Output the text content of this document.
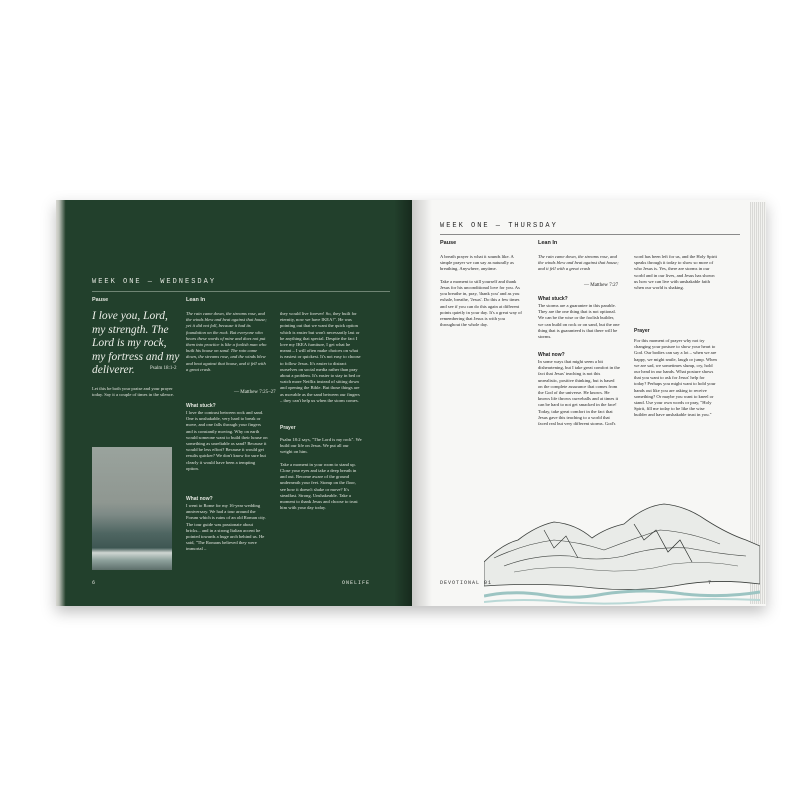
WEEK ONE — WEDNESDAY
Pause	Lean In
I love you, Lord, my strength. The Lord is my rock, my fortress and my deliverer.	Psalm 18:1-2
Let this be both your praise and your prayer today. Say it a couple of times in the silence.
The rain came down, the streams rose, and the winds blew and beat against that house; yet it did not fall, because it had its foundation on the rock. But everyone who hears these words of mine and does not put them into practice is like a foolish man who built his house on sand. The rain came down, the streams rose, and the winds blew and beat against that house, and it fell with a great crash.
— Matthew 7:25–27
What stuck?
I love the contrast between rock and sand. One is unshakable, very hard to break or move, and one falls through your fingers and is constantly moving. Why on earth would someone want to build their house on something as unreliable as sand? Because it would be less effort? Because it would get results quicker? We don't know for sure but clearly it would have been a tempting option.
What now?
I went to Rome for my 16-year wedding anniversary. We had a tour around the Forum which is ruins of an old Roman city. The tour guide was passionate about bricks... and in a strong Italian accent he pointed towards a huge arch behind us. He said, "The Romans believed they were immortal –
they would live forever! So, they built for eternity, now we have IKEA!". He was pointing out that we want the quick option which is easier but won't necessarily last or be anything that special. Despite the fact I love my IKEA furniture, I get what he meant – I will often make choices on what is easiest or quickest. It's not easy to choose to follow Jesus. It's easier to distract ourselves on social media rather than pray about a problem. It's easier to stay in bed or watch more Netflix instead of sitting down and opening the Bible. But those things are as movable as the sand between our fingers – they can't help us when the storm comes.
Prayer
Psalm 18:2 says, "The Lord is my rock". We build our life on Jesus. We put all our weight on him.

Take a moment in your room to stand up. Close your eyes and take a deep breath in and out. Become aware of the ground underneath your feet. Stomp on the floor, see how it doesn't shake or move? It's steadfast. Strong. Unshakeable. Take a moment to thank Jesus and choose to trust him with your day today.
6	ONELIFE
WEEK ONE — THURSDAY
Pause	Lean In
A breath prayer is what it sounds like. A simple prayer we can say as naturally as breathing. Anywhere, anytime.

Take a moment to still yourself and thank Jesus for his unconditional love for you. As you breathe in, pray, 'thank you' and as you exhale, breathe, 'Jesus'. Do this a few times and see if you can do this again at different points quietly in your day. It's a great way of remembering that Jesus is with you throughout the whole day.
The rain came down, the streams rose, and the winds blew and beat against that house; and it fell with a great crash
— Matthew 7:27
What stuck?
The storms are a guarantee in this parable. They are the one thing that is not optional. We can be the wise or the foolish builder, we can build on rock or on sand, but the one thing that is guaranteed is that there will be storms.
What now?
In some ways that might seem a bit disheartening, but I take great comfort in the fact that Jesus' teaching is not this unrealistic, positive thinking, but is based on the complete assurance that comes from the God of the universe. He knows. He knows life throws curveballs and at times it can be hard to not get smacked in the face! Today, take great comfort in the fact that Jesus gave this teaching to a world that faced real but very different storms. God's
word has been left for us, and the Holy Spirit speaks through it today to show so more of who Jesus is. Yes, there are storms in our world and in our lives, and Jesus has shown us how we can live with unshakable faith when our world is shaking.
Prayer
For this moment of prayer why not try changing your posture to show your heart to God. Our bodies can say a lot – when we are happy, we might smile, laugh or jump. When we are sad, we sometimes slump, cry, hold our head in our hands. What posture shows that you want to ask for Jesus' help for today? Perhaps you might want to hold your hands out like you are asking to receive something? Or maybe you want to kneel or stand. Use your own words or pray, "Holy Spirit, fill me today to be like the wise builder and have unshakable trust in you."
DEVOTIONAL 01	7
